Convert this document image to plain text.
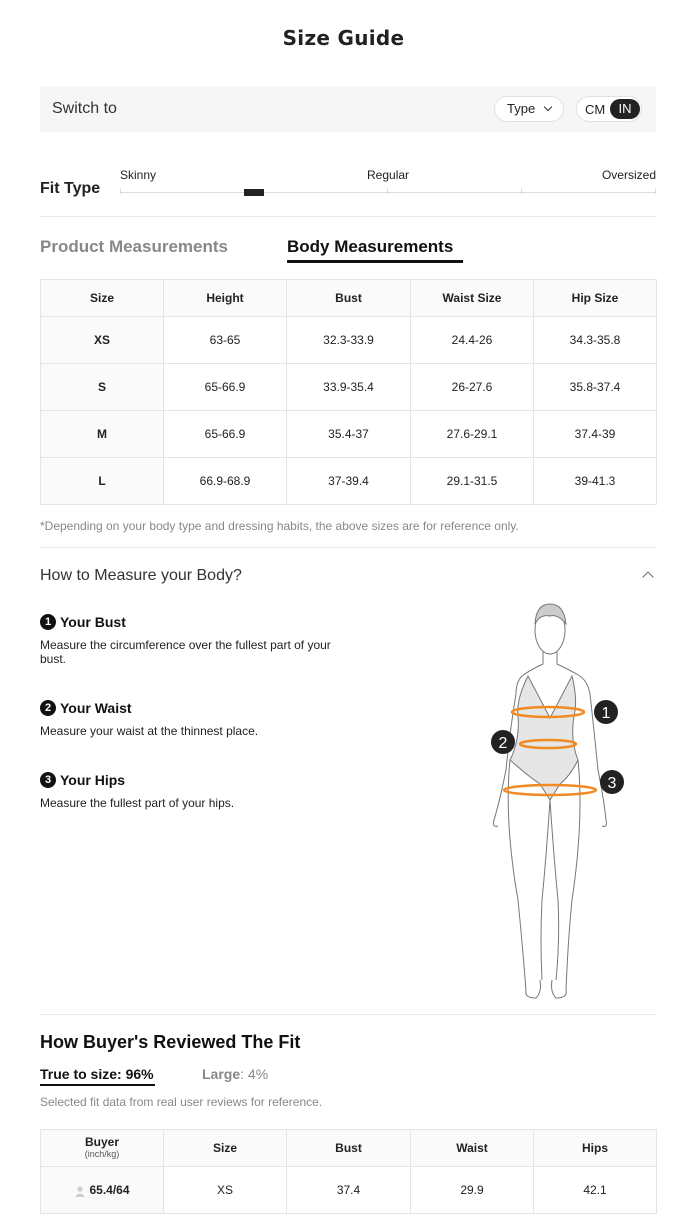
Size Guide
Switch to	Type	CM	IN
Fit Type
Skinny	Regular	Oversized
Product Measurements	Body Measurements
Size	Height	Bust	Waist Size	Hip Size
XS	63-65	32.3-33.9	24.4-26	34.3-35.8
S	65-66.9	33.9-35.4	26-27.6	35.8-37.4
M	65-66.9	35.4-37	27.6-29.1	37.4-39
L	66.9-68.9	37-39.4	29.1-31.5	39-41.3
*Depending on your body type and dressing habits, the above sizes are for reference only.
How to Measure your Body?
1 Your Bust
Measure the circumference over the fullest part of your bust.
2 Your Waist
Measure your waist at the thinnest place.
3 Your Hips
Measure the fullest part of your hips.
1
2
3
How Buyer's Reviewed The Fit
True to size: 96%	Large: 4%
Selected fit data from real user reviews for reference.
Buyer
(inch/kg)	Size	Bust	Waist	Hips
65.4/64	XS	37.4	29.9	42.1
